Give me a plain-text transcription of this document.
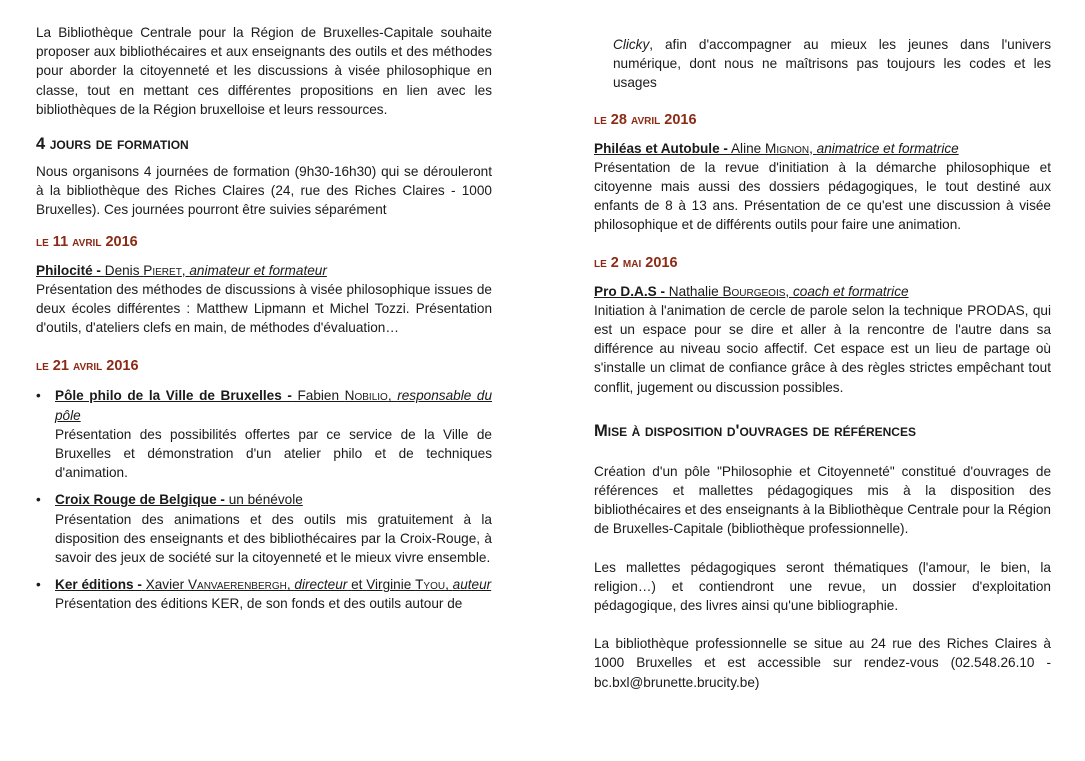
La Bibliothèque Centrale pour la Région de Bruxelles-Capitale souhaite proposer aux bibliothécaires et aux enseignants des outils et des méthodes pour aborder la citoyenneté et les discussions à visée philosophique en classe, tout en mettant ces différentes propositions en lien avec les bibliothèques de la Région bruxelloise et leurs ressources.

4 jours de formation

Nous organisons 4 journées de formation (9h30-16h30) qui se dérouleront à la bibliothèque des Riches Claires (24, rue des Riches Claires - 1000 Bruxelles). Ces journées pourront être suivies séparément

le 11 avril 2016

Philocité - Denis Pieret, animateur et formateur

Présentation des méthodes de discussions à visée philosophique issues de deux écoles différentes : Matthew Lipmann et Michel Tozzi. Présentation d'outils, d'ateliers clefs en main, de méthodes d'évaluation…

le 21 avril 2016

• Pôle philo de la Ville de Bruxelles - Fabien Nobilio, responsable du pôle

Présentation des possibilités offertes par ce service de la Ville de Bruxelles et démonstration d'un atelier philo et de techniques d'animation.

• Croix Rouge de Belgique - un bénévole

Présentation des animations et des outils mis gratuitement à la disposition des enseignants et des bibliothécaires par la Croix-Rouge, à savoir des jeux de société sur la citoyenneté et le mieux vivre ensemble.

• Ker éditions - Xavier Vanvaerenbergh, directeur et Virginie Tyou, auteur

Présentation des éditions KER, de son fonds et des outils autour de

Clicky, afin d'accompagner au mieux les jeunes dans l'univers numérique, dont nous ne maîtrisons pas toujours les codes et les usages

le 28 avril 2016

Philéas et Autobule - Aline Mignon, animatrice et formatrice

Présentation de la revue d'initiation à la démarche philosophique et citoyenne mais aussi des dossiers pédagogiques, le tout destiné aux enfants de 8 à 13 ans. Présentation de ce qu'est une discussion à visée philosophique et de différents outils pour faire une animation.

le 2 mai 2016

Pro D.A.S - Nathalie Bourgeois, coach et formatrice

Initiation à l'animation de cercle de parole selon la technique PRODAS, qui est un espace pour se dire et aller à la rencontre de l'autre dans sa différence au niveau socio affectif. Cet espace est un lieu de partage où s'installe un climat de confiance grâce à des règles strictes empêchant tout conflit, jugement ou discussion possibles.

Mise à disposition d'ouvrages de références

Création d'un pôle "Philosophie et Citoyenneté" constitué d'ouvrages de références et mallettes pédagogiques mis à la disposition des bibliothécaires et des enseignants à la Bibliothèque Centrale pour la Région de Bruxelles-Capitale (bibliothèque professionnelle).

Les mallettes pédagogiques seront thématiques (l'amour, le bien, la religion…) et contiendront une revue, un dossier d'exploitation pédagogique, des livres ainsi qu'une bibliographie.

La bibliothèque professionnelle se situe au 24 rue des Riches Claires à 1000 Bruxelles et est accessible sur rendez-vous (02.548.26.10 - bc.bxl@brunette.brucity.be)
